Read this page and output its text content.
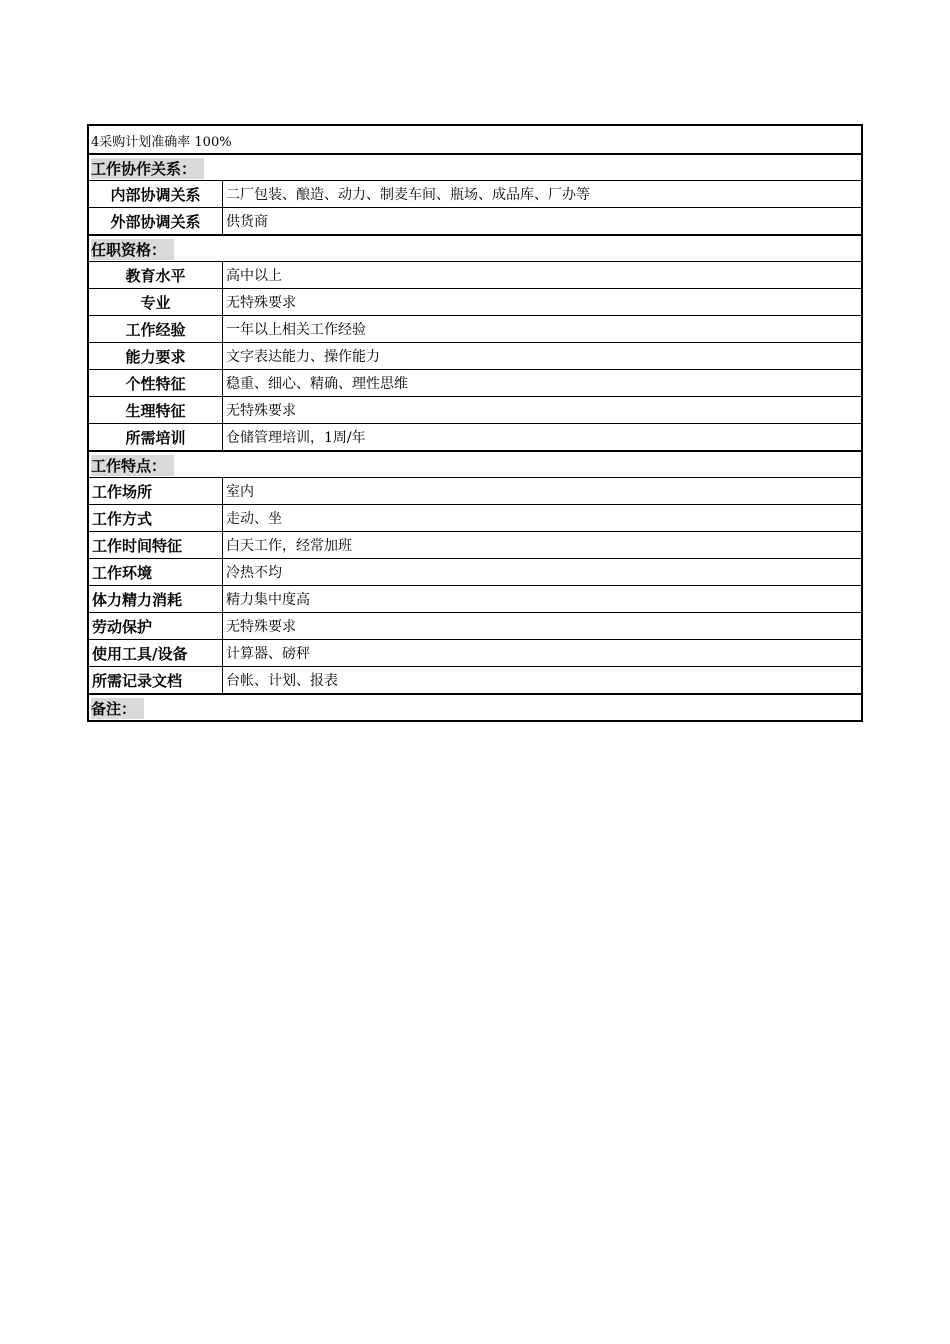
4采购计划准确率 100%
工作协作关系：
内部协调关系	二厂包装、酿造、动力、制麦车间、瓶场、成品库、厂办等
外部协调关系	供货商
任职资格：
教育水平	高中以上
专业	无特殊要求
工作经验	一年以上相关工作经验
能力要求	文字表达能力、操作能力
个性特征	稳重、细心、精确、理性思维
生理特征	无特殊要求
所需培训	仓储管理培训，1周/年
工作特点：
工作场所	室内
工作方式	走动、坐
工作时间特征	白天工作，经常加班
工作环境	冷热不均
体力精力消耗	精力集中度高
劳动保护	无特殊要求
使用工具/设备	计算器、磅秤
所需记录文档	台帐、计划、报表
备注：
